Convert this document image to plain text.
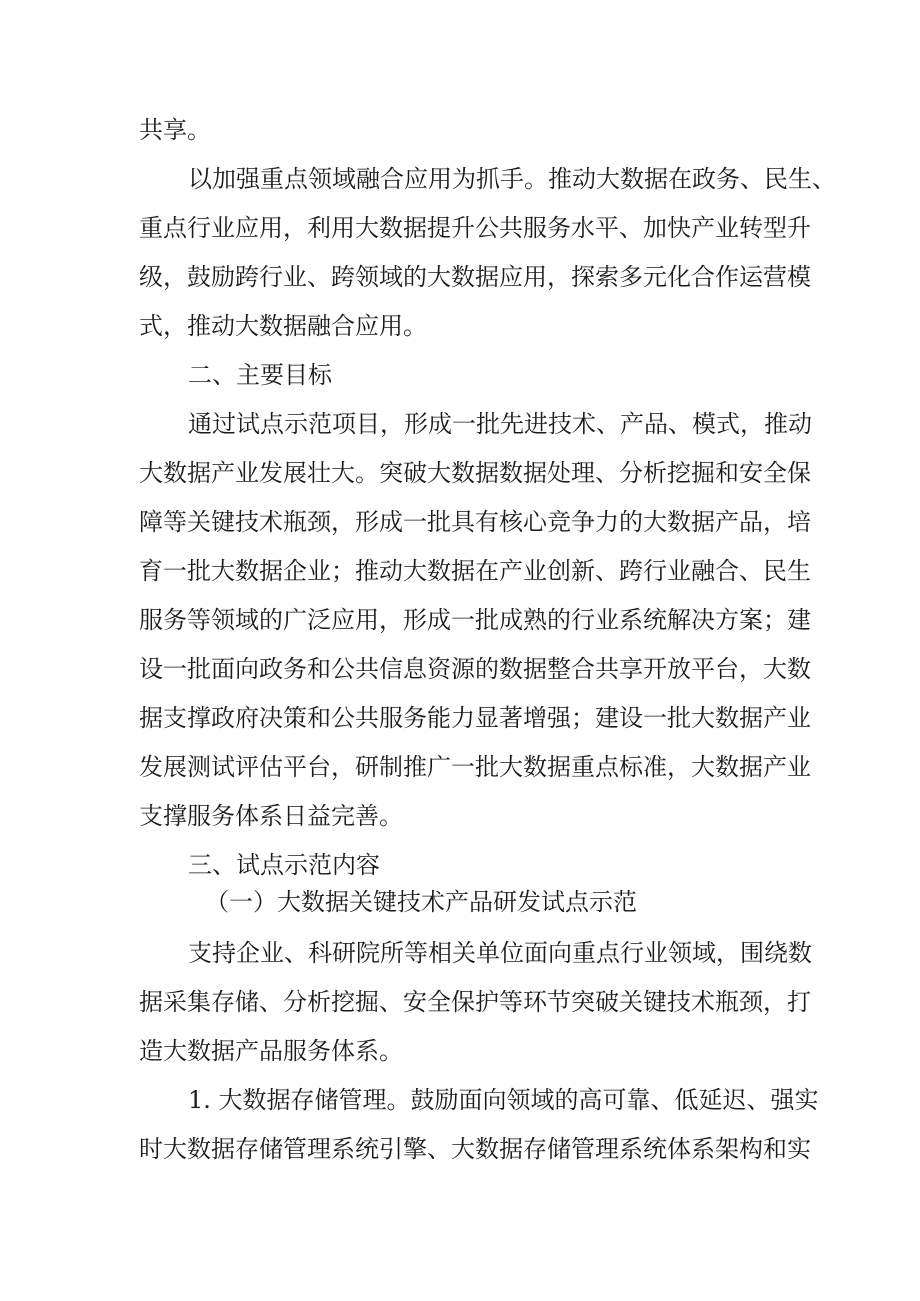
共享。

以加强重点领域融合应用为抓手。推动大数据在政务、民生、

重点行业应用，利用大数据提升公共服务水平、加快产业转型升

级，鼓励跨行业、跨领域的大数据应用，探索多元化合作运营模

式，推动大数据融合应用。

二、主要目标

通过试点示范项目，形成一批先进技术、产品、模式，推动

大数据产业发展壮大。突破大数据数据处理、分析挖掘和安全保

障等关键技术瓶颈，形成一批具有核心竞争力的大数据产品，培

育一批大数据企业；推动大数据在产业创新、跨行业融合、民生

服务等领域的广泛应用，形成一批成熟的行业系统解决方案；建

设一批面向政务和公共信息资源的数据整合共享开放平台，大数

据支撑政府决策和公共服务能力显著增强；建设一批大数据产业

发展测试评估平台，研制推广一批大数据重点标准，大数据产业

支撑服务体系日益完善。

三、试点示范内容

（一）大数据关键技术产品研发试点示范

支持企业、科研院所等相关单位面向重点行业领域，围绕数

据采集存储、分析挖掘、安全保护等环节突破关键技术瓶颈，打

造大数据产品服务体系。

1. 大数据存储管理。鼓励面向领域的高可靠、低延迟、强实

时大数据存储管理系统引擎、大数据存储管理系统体系架构和实
